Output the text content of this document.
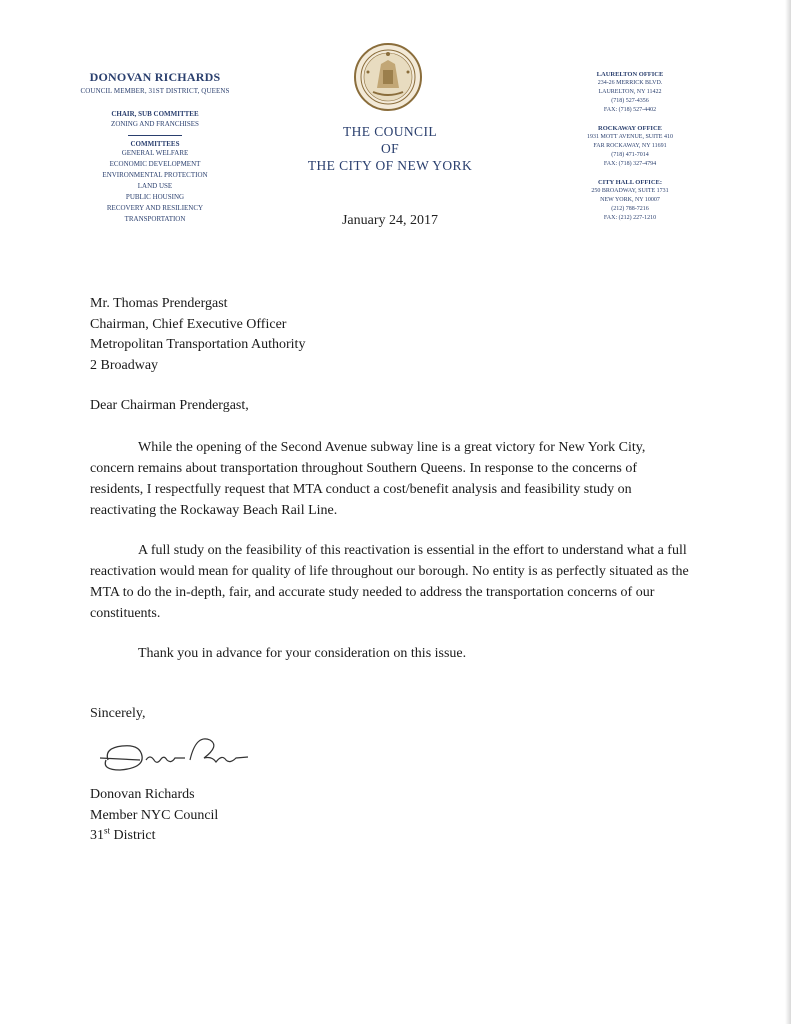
DONOVAN RICHARDS
COUNCIL MEMBER, 31ST DISTRICT, QUEENS
CHAIR, SUB COMMITTEE
ZONING AND FRANCHISES
COMMITTEES
GENERAL WELFARE
ECONOMIC DEVELOPMENT
ENVIRONMENTAL PROTECTION
LAND USE
PUBLIC HOUSING
RECOVERY AND RESILIENCY
TRANSPORTATION
THE COUNCIL
OF
THE CITY OF NEW YORK
January 24, 2017
LAURELTON OFFICE
234-26 MERRICK BLVD.
LAURELTON, NY 11422
(718) 527-4356
FAX: (718) 527-4402
ROCKAWAY OFFICE
1931 MOTT AVENUE, SUITE 410
FAR ROCKAWAY, NY 11691
(718) 471-7014
FAX: (718) 327-4794
CITY HALL OFFICE:
250 BROADWAY, SUITE 1731
NEW YORK, NY 10007
(212) 788-7216
FAX: (212) 227-1210
Mr. Thomas Prendergast
Chairman, Chief Executive Officer
Metropolitan Transportation Authority
2 Broadway
Dear Chairman Prendergast,
While the opening of the Second Avenue subway line is a great victory for New York City, concern remains about transportation throughout Southern Queens. In response to the concerns of residents, I respectfully request that MTA conduct a cost/benefit analysis and feasibility study on reactivating the Rockaway Beach Rail Line.
A full study on the feasibility of this reactivation is essential in the effort to understand what a full reactivation would mean for quality of life throughout our borough. No entity is as perfectly situated as the MTA to do the in-depth, fair, and accurate study needed to address the transportation concerns of our constituents.
Thank you in advance for your consideration on this issue.
Sincerely,
Donovan Richards
Member NYC Council
31st District
